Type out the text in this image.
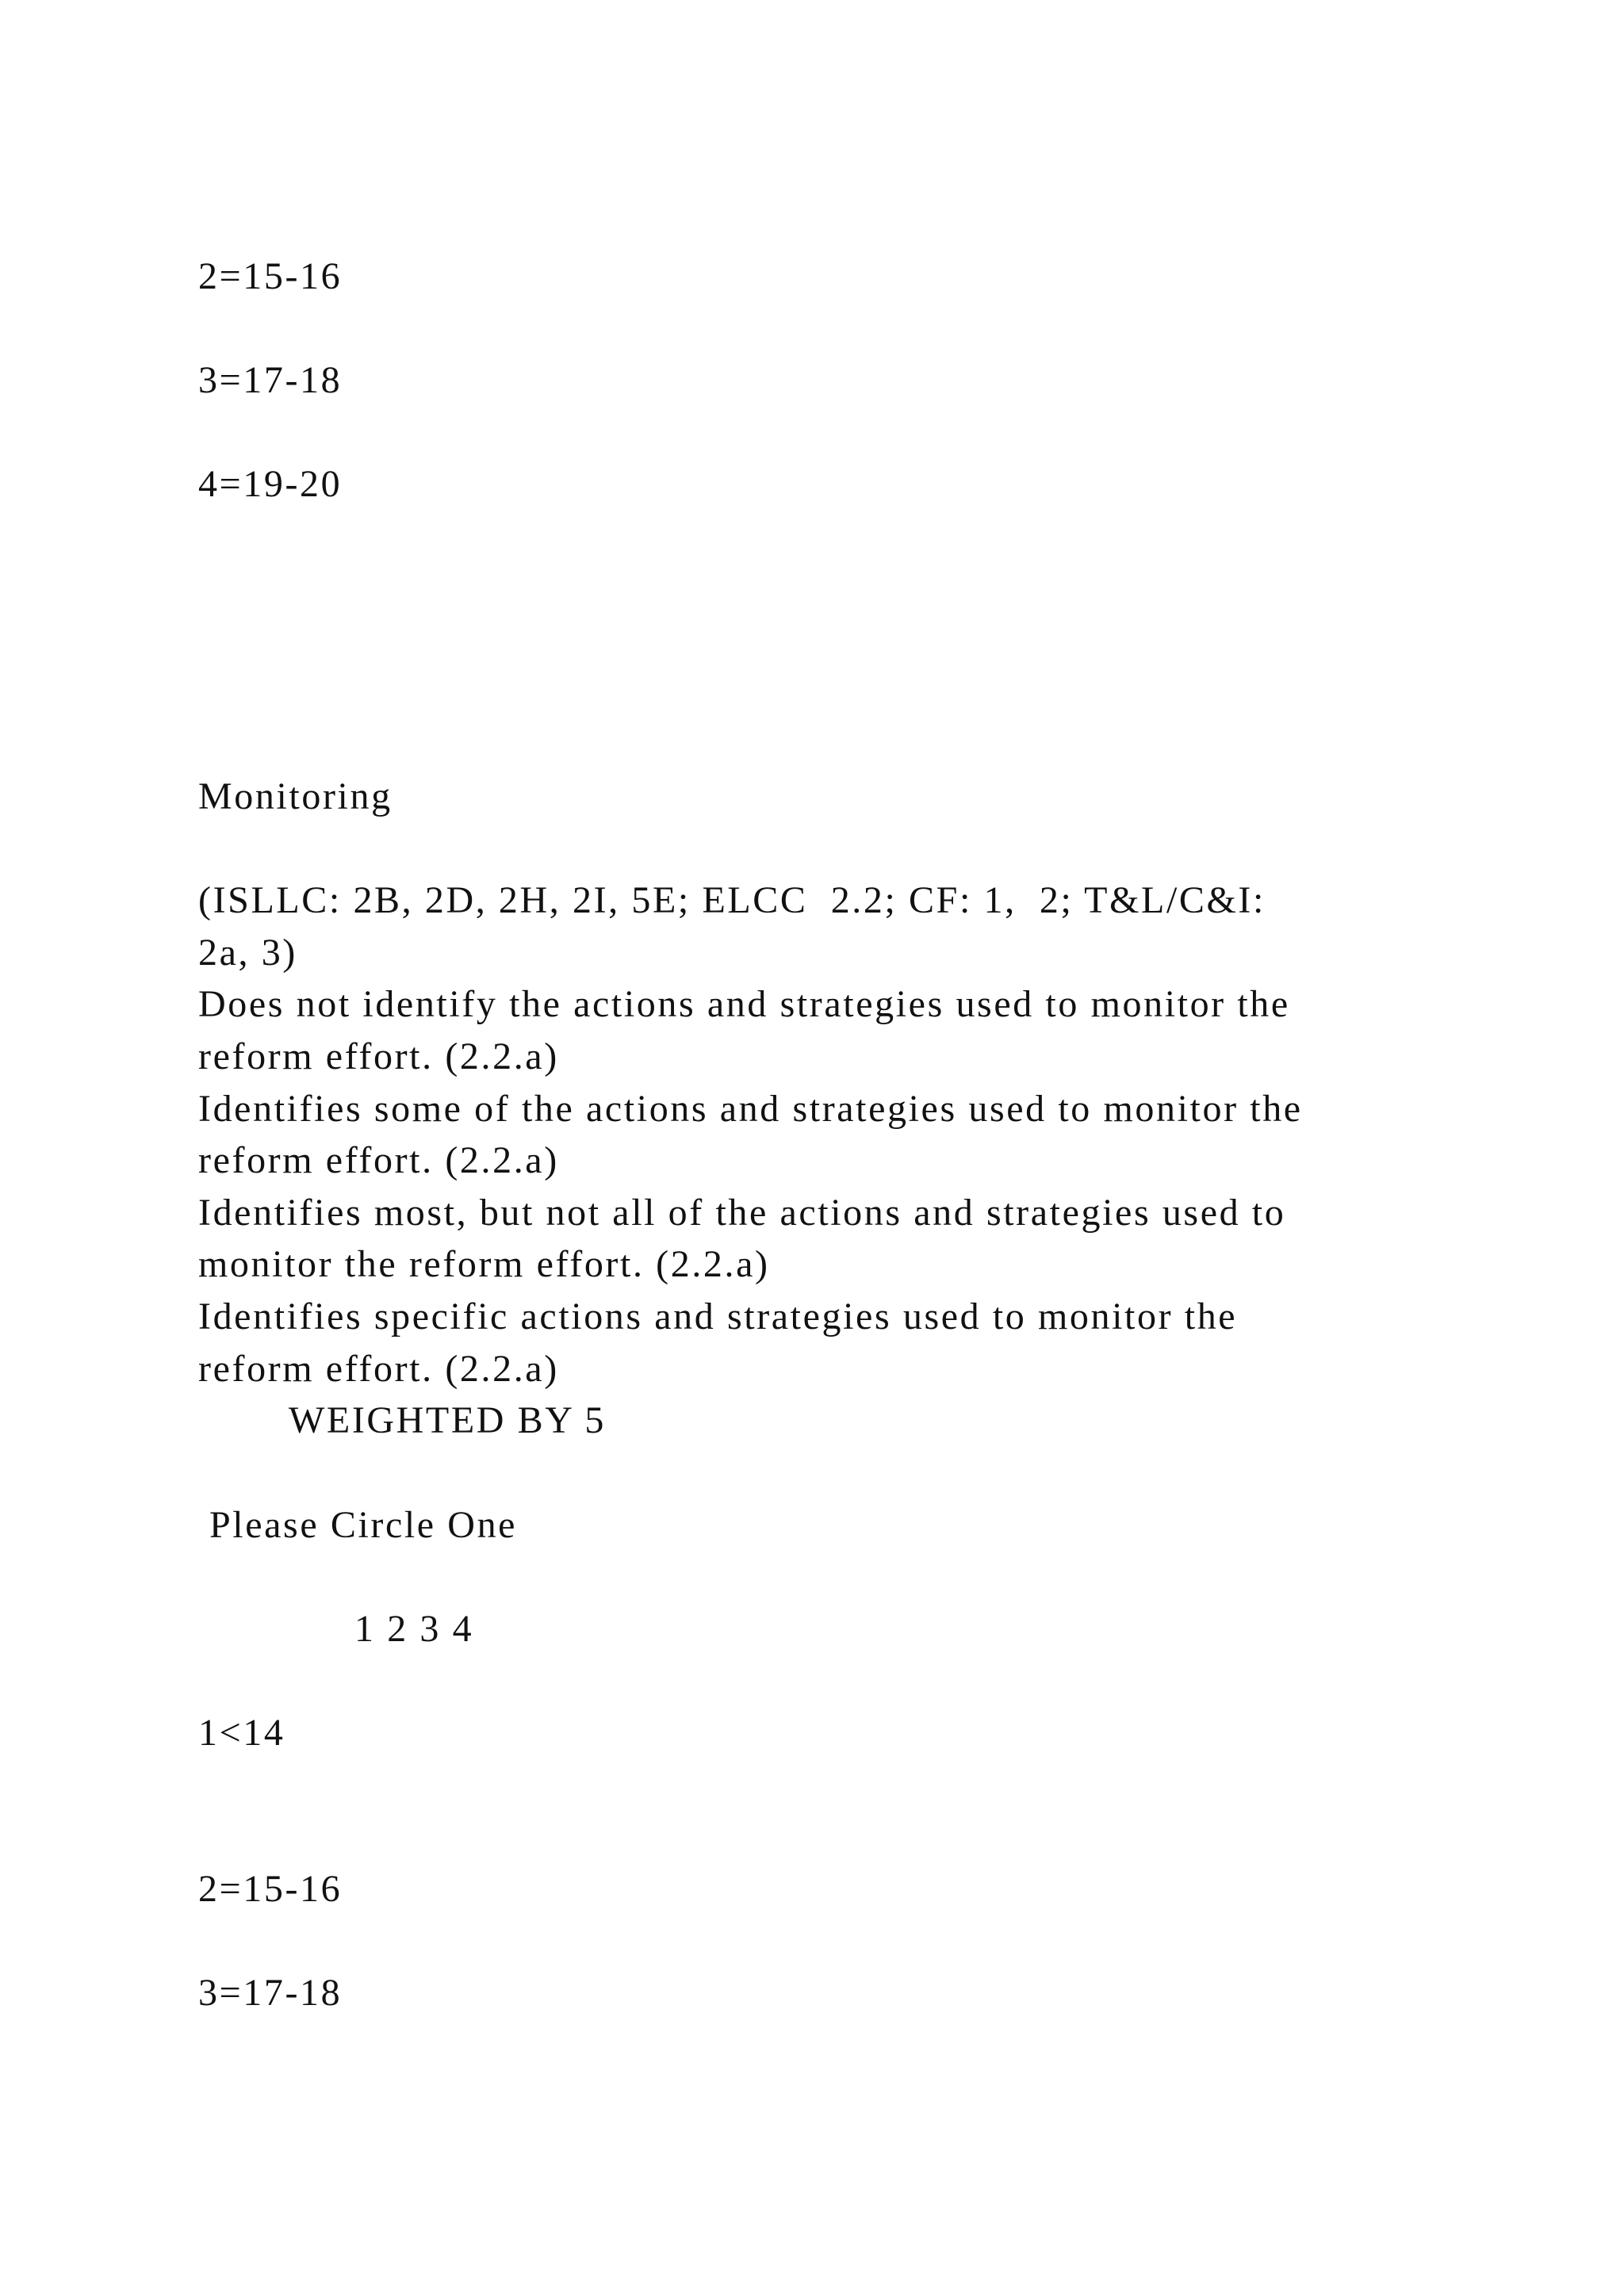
2=15-16
3=17-18
4=19-20
Monitoring
(ISLLC: 2B, 2D, 2H, 2I, 5E; ELCC  2.2; CF: 1,  2; T&L/C&I:
2a, 3)
Does not identify the actions and strategies used to monitor the
reform effort. (2.2.a)
Identifies some of the actions and strategies used to monitor the
reform effort. (2.2.a)
Identifies most, but not all of the actions and strategies used to
monitor the reform effort. (2.2.a)
Identifies specific actions and strategies used to monitor the
reform effort. (2.2.a)
WEIGHTED BY 5
Please Circle One
1 2 3 4
1<14
2=15-16
3=17-18
